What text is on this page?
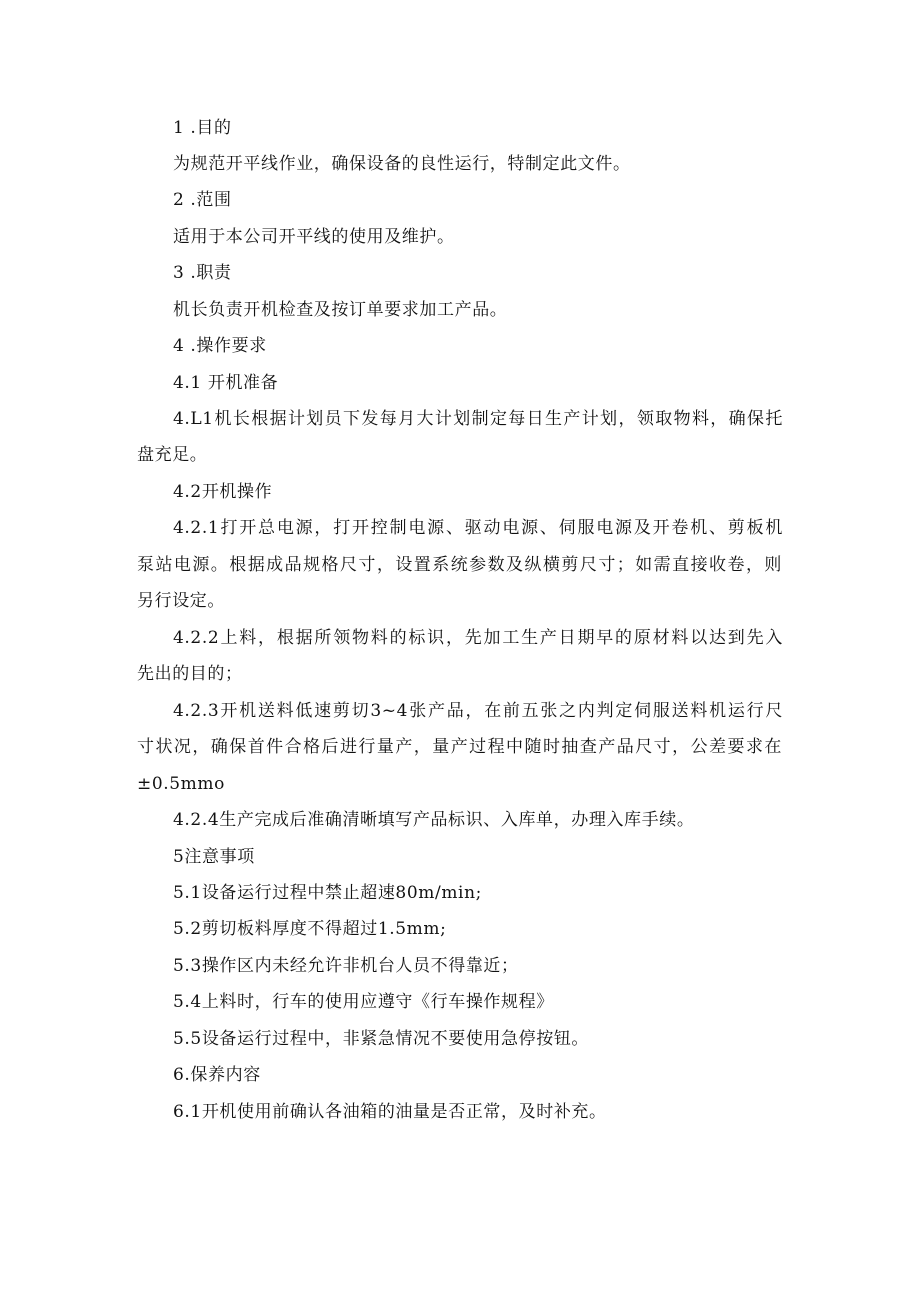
1 .目的
为规范开平线作业，确保设备的良性运行，特制定此文件。
2 .范围
适用于本公司开平线的使用及维护。
3 .职责
机长负责开机检查及按订单要求加工产品。
4 .操作要求
4.1 开机准备
4.L1机长根据计划员下发每月大计划制定每日生产计划，领取物料，确保托
盘充足。
4.2开机操作
4.2.1打开总电源，打开控制电源、驱动电源、伺服电源及开卷机、剪板机
泵站电源。根据成品规格尺寸，设置系统参数及纵横剪尺寸；如需直接收卷，则
另行设定。
4.2.2上料，根据所领物料的标识，先加工生产日期早的原材料以达到先入
先出的目的；
4.2.3开机送料低速剪切3~4张产品，在前五张之内判定伺服送料机运行尺
寸状况，确保首件合格后进行量产，量产过程中随时抽查产品尺寸，公差要求在
±0.5mmo
4.2.4生产完成后准确清晰填写产品标识、入库单，办理入库手续。
5注意事项
5.1设备运行过程中禁止超速80m/min;
5.2剪切板料厚度不得超过1.5mm;
5.3操作区内未经允许非机台人员不得靠近；
5.4上料时，行车的使用应遵守《行车操作规程》
5.5设备运行过程中，非紧急情况不要使用急停按钮。
6.保养内容
6.1开机使用前确认各油箱的油量是否正常，及时补充。
